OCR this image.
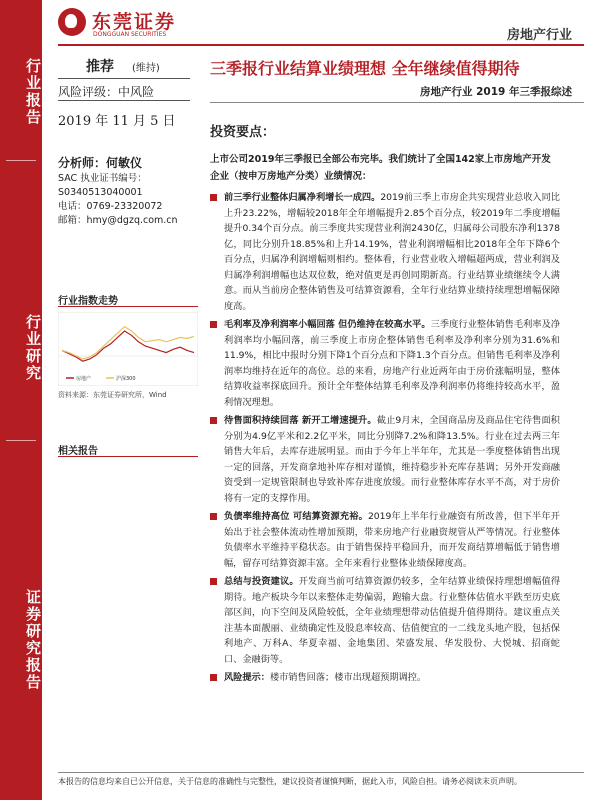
行业报告
行业研究
证券研究报告
东莞证券
DONGGUAN SECURITIES	房地产行业
推荐 (维持)
风险评级：中风险
2019 年 11 月 5 日
分析师：何敏仪
SAC 执业证书编号：
S0340513040001
电话：0769-23320072
邮箱：hmy@dgzq.com.cn
行业指数走势
房地产	沪深300
资料来源：东莞证券研究所，Wind
相关报告
三季报行业结算业绩理想 全年继续值得期待
房地产行业 2019 年三季报综述
投资要点：
上市公司2019年三季报已全部公布完毕。我们统计了全国142家上市房地产开发企业（按申万房地产分类）业绩情况：
前三季行业整体归属净利增长一成四。2019前三季上市房企共实现营业总收入同比上升23.22%，增幅较2018年全年增幅提升2.85个百分点，较2019年二季度增幅提升0.34个百分点。前三季度共实现营业利润2430亿，归属母公司股东净利1378亿，同比分别升18.85%和上升14.19%，营业利润增幅相比2018年全年下降6个百分点，归属净利润增幅则相约。整体看，行业营业收入增幅超两成，营业利润及归属净利润增幅也达双位数，绝对值更是再创同期新高。行业结算业绩继续令人满意。而从当前房企整体销售及可结算资源看，全年行业结算业绩持续理想增幅保障度高。
毛利率及净利润率小幅回落 但仍维持在较高水平。三季度行业整体销售毛利率及净利润率均小幅回落，前三季度上市房企整体销售毛利率及净利率分别为31.6%和11.9%，相比中报时分别下降1个百分点和下降1.3个百分点。但销售毛利率及净利润率均维持在近年的高位。总的来看，房地产行业近两年由于房价涨幅明显，整体结算收益率探底回升。预计全年整体结算毛利率及净利润率仍将维持较高水平，盈利情况理想。
待售面积持续回落 新开工增速提升。截止9月末，全国商品房及商品住宅待售面积分别为4.9亿平米和2.2亿平米，同比分别降7.2%和降13.5%。行业在过去两三年销售大年后，去库存进展明显。而由于今年上半年年，尤其是一季度整体销售出现一定的回落，开发商拿地补库存相对谨慎，维持稳步补充库存基调；另外开发商融资受到一定规管限制也导致补库存进度放缓。而行业整体库存水平不高，对于房价将有一定的支撑作用。
负债率维持高位 可结算资源充裕。2019年上半年行业融资有所改善，但下半年开始出于社会整体流动性增加预期，带来房地产行业融资规管从严等情况。行业整体负债率水平维持平稳状态。由于销售保持平稳回升，而开发商结算增幅低于销售增幅，留存可结算资源丰富。全年来看行业整体业绩保障度高。
总结与投资建议。开发商当前可结算资源仍较多，全年结算业绩保持理想增幅值得期待。地产板块今年以来整体走势偏弱，跑输大盘。行业整体估值水平跌至历史底部区间，向下空间及风险较低，全年业绩理想带动估值提升值得期待。建议重点关注基本面靓丽、业绩确定性及股息率较高、估值便宜的一二线龙头地产股，包括保利地产、万科A、华夏幸福、金地集团、荣盛发展、华发股份、大悦城、招商蛇口、金融街等。
风险提示：楼市销售回落；楼市出现超预期调控。
本报告的信息均来自已公开信息，关于信息的准确性与完整性，建议投资者谨慎判断，据此入市，风险自担。请务必阅读末页声明。
